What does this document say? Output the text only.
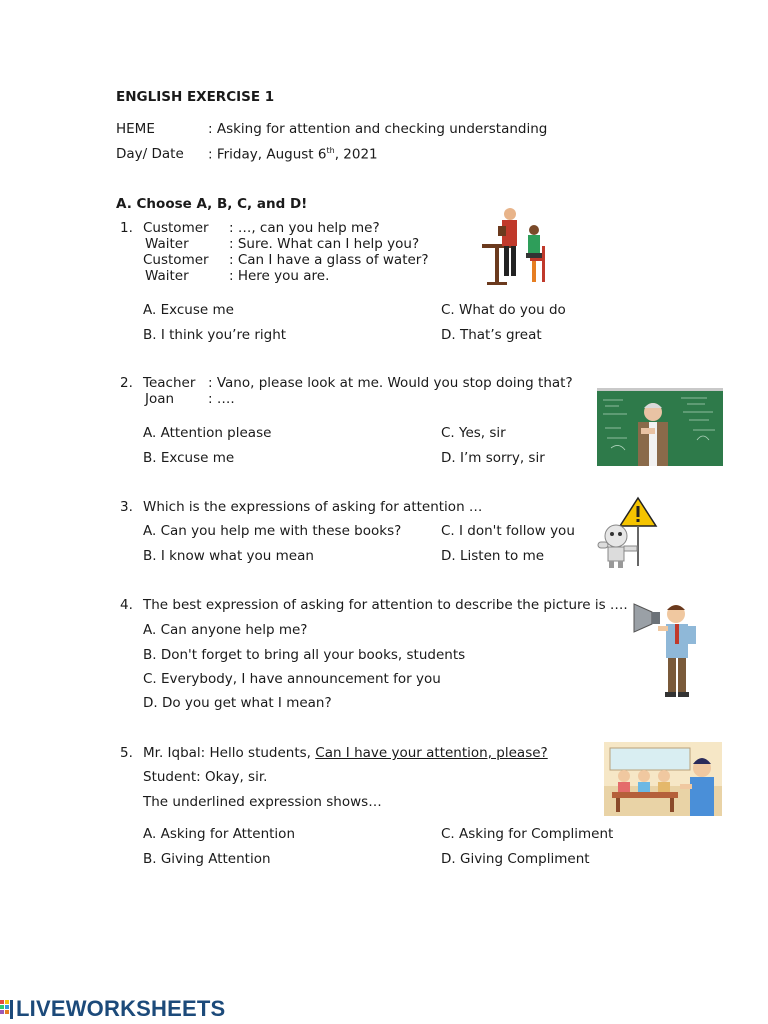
ENGLISH EXERCISE 1
HEME	: Asking for attention and checking understanding
Day/ Date : Friday, August 6th, 2021
A. Choose A, B, C, and D!
1. Customer : …, can you help me?
Waiter	: Sure. What can I help you?
Customer : Can I have a glass of water?
Waiter	: Here you are.
A. Excuse me	C. What do you do
B. I think you’re right	D. That’s great
2. Teacher : Vano, please look at me. Would you stop doing that?
Joan	: ….
A. Attention please	C. Yes, sir
B. Excuse me	D. I’m sorry, sir
3. Which is the expressions of asking for attention …
A. Can you help me with these books?	C. I don't follow you
B. I know what you mean	D. Listen to me
4. The best expression of asking for attention to describe the picture is ….
A. Can anyone help me?
B. Don't forget to bring all your books, students
C. Everybody, I have announcement for you
D. Do you get what I mean?
5. Mr. Iqbal: Hello students, Can I have your attention, please?
Student: Okay, sir.
The underlined expression shows…
A. Asking for Attention	C. Asking for Compliment
B. Giving Attention	D. Giving Compliment
LIVEWORKSHEETS
